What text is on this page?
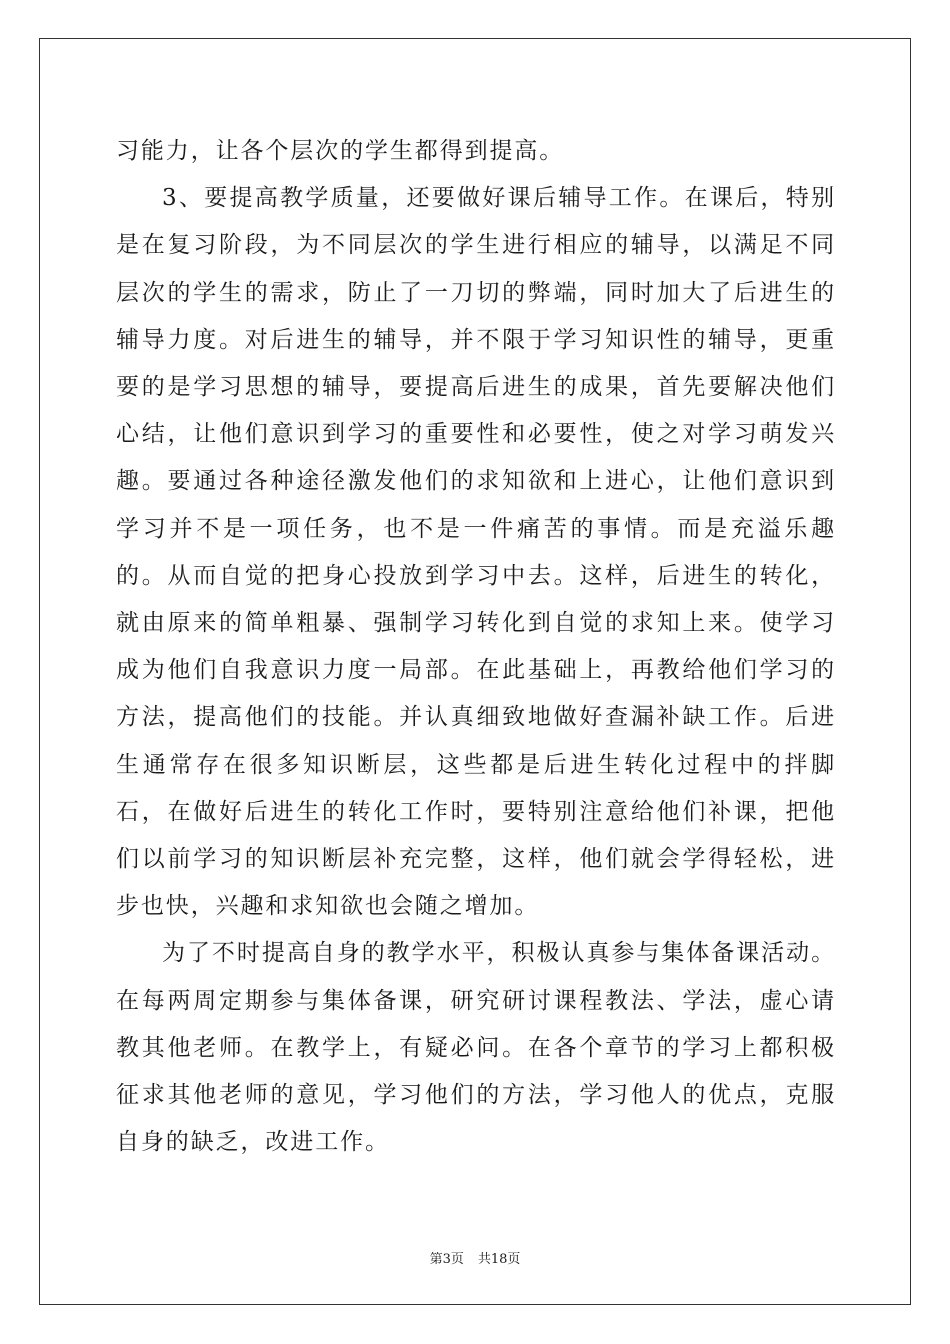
习能力，让各个层次的学生都得到提高。

3、要提高教学质量，还要做好课后辅导工作。在课后，特别是在复习阶段，为不同层次的学生进行相应的辅导，以满足不同层次的学生的需求，防止了一刀切的弊端，同时加大了后进生的辅导力度。对后进生的辅导，并不限于学习知识性的辅导，更重要的是学习思想的辅导，要提高后进生的成果，首先要解决他们心结，让他们意识到学习的重要性和必要性，使之对学习萌发兴趣。要通过各种途径激发他们的求知欲和上进心，让他们意识到学习并不是一项任务，也不是一件痛苦的事情。而是充溢乐趣的。从而自觉的把身心投放到学习中去。这样，后进生的转化，就由原来的简单粗暴、强制学习转化到自觉的求知上来。使学习成为他们自我意识力度一局部。在此基础上，再教给他们学习的方法，提高他们的技能。并认真细致地做好查漏补缺工作。后进生通常存在很多知识断层，这些都是后进生转化过程中的拌脚石，在做好后进生的转化工作时，要特别注意给他们补课，把他们以前学习的知识断层补充完整，这样，他们就会学得轻松，进步也快，兴趣和求知欲也会随之增加。

为了不时提高自身的教学水平，积极认真参与集体备课活动。在每两周定期参与集体备课，研究研讨课程教法、学法，虚心请教其他老师。在教学上，有疑必问。在各个章节的学习上都积极征求其他老师的意见，学习他们的方法，学习他人的优点，克服自身的缺乏，改进工作。

第3页 共18页
